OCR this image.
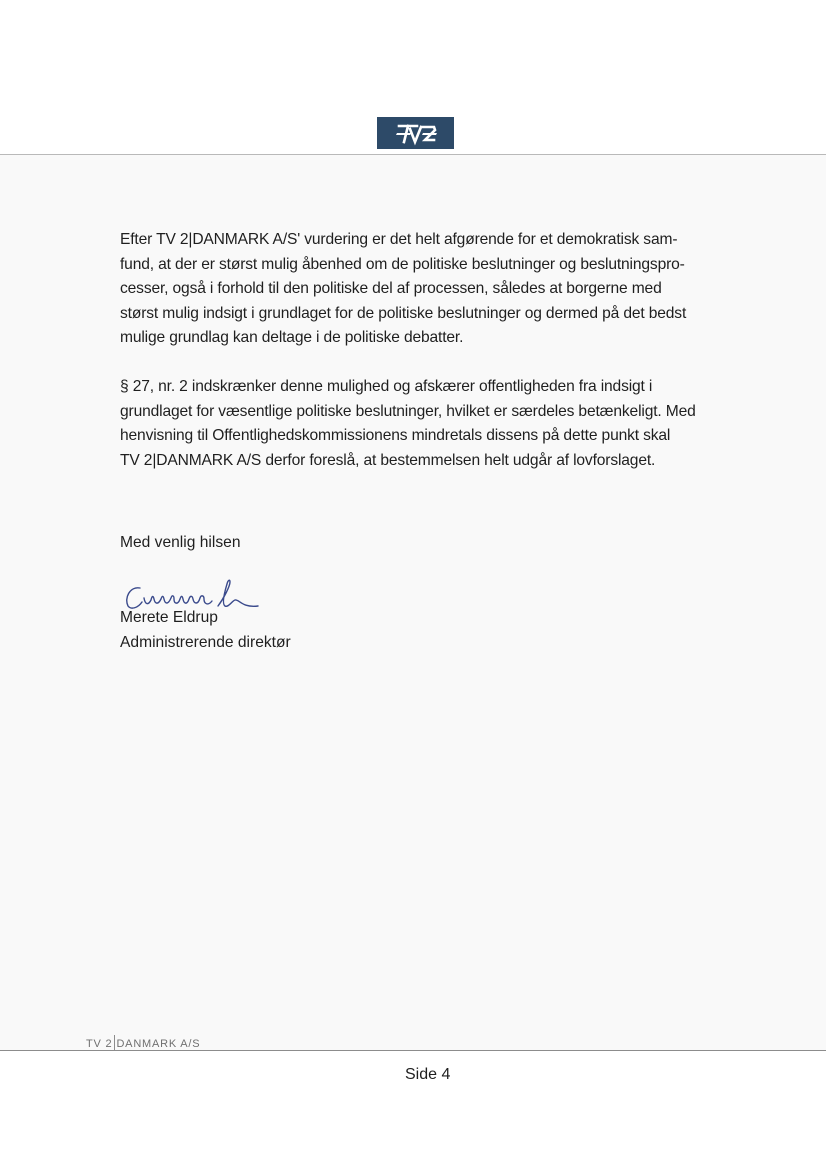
Efter TV 2|DANMARK A/S' vurdering er det helt afgørende for et demokratisk sam-
fund, at der er størst mulig åbenhed om de politiske beslutninger og beslutningspro-
cesser, også i forhold til den politiske del af processen, således at borgerne med
størst mulig indsigt i grundlaget for de politiske beslutninger og dermed på det bedst
mulige grundlag kan deltage i de politiske debatter.

§ 27, nr. 2 indskrænker denne mulighed og afskærer offentligheden fra indsigt i
grundlaget for væsentlige politiske beslutninger, hvilket er særdeles betænkeligt. Med
henvisning til Offentlighedskommissionens mindretals dissens på dette punkt skal
TV 2|DANMARK A/S derfor foreslå, at bestemmelsen helt udgår af lovforslaget.

Med venlig hilsen

Merete Eldrup

Administrerende direktør

TV 2 DANMARK A/S
Side 4
